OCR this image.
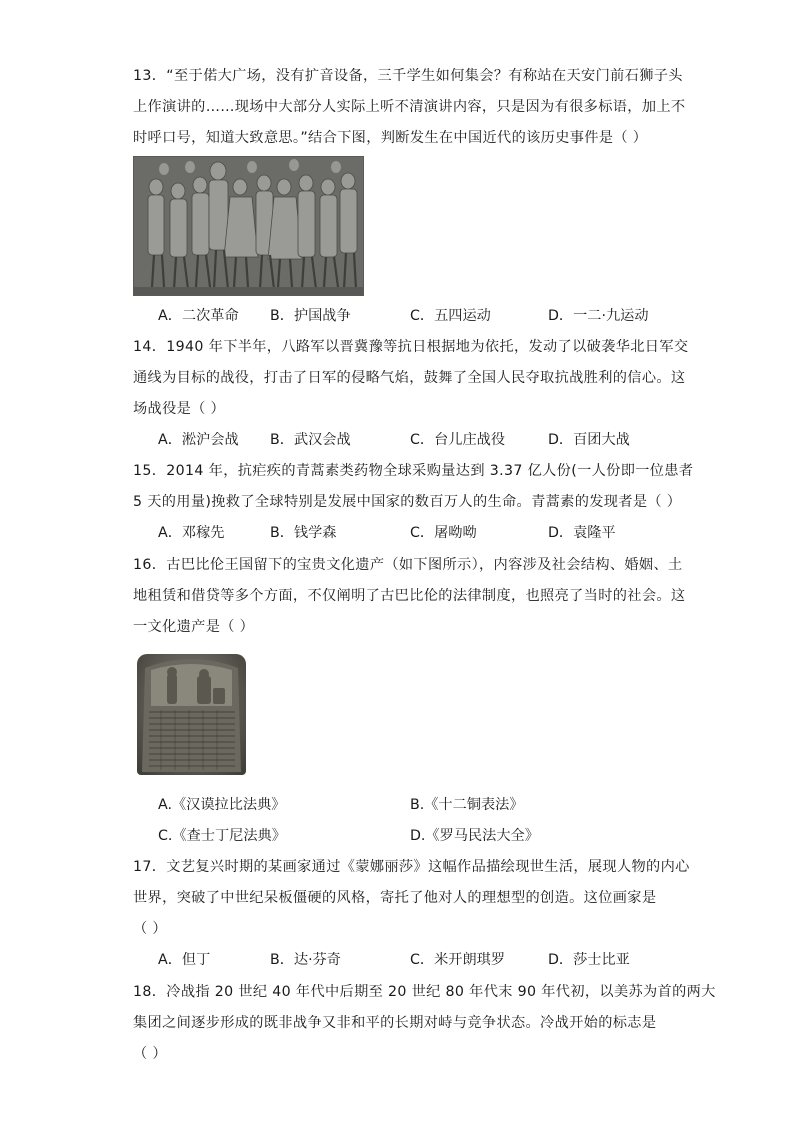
13．“至于偌大广场，没有扩音设备，三千学生如何集会？有称站在天安门前石狮子头
上作演讲的……现场中大部分人实际上听不清演讲内容，只是因为有很多标语，加上不
时呼口号，知道大致意思。”结合下图，判断发生在中国近代的该历史事件是（ ）
A．二次革命 B．护国战争	C．五四运动	D．一二·九运动
14．1940 年下半年，八路军以晋冀豫等抗日根据地为依托，发动了以破袭华北日军交
通线为目标的战役，打击了日军的侵略气焰，鼓舞了全国人民夺取抗战胜利的信心。这
场战役是（ ）
A．淞沪会战 B．武汉会战	C．台儿庄战役	D．百团大战
15．2014 年，抗疟疾的青蒿素类药物全球采购量达到 3.37 亿人份(一人份即一位患者
5 天的用量)挽救了全球特别是发展中国家的数百万人的生命。青蒿素的发现者是（ ）
A．邓稼先	B．钱学森	C．屠呦呦	D．袁隆平
16．古巴比伦王国留下的宝贵文化遗产（如下图所示），内容涉及社会结构、婚姻、土
地租赁和借贷等多个方面，不仅阐明了古巴比伦的法律制度，也照亮了当时的社会。这
一文化遗产是（ ）
A.《汉谟拉比法典》	B.《十二铜表法》
C.《查士丁尼法典》	D.《罗马民法大全》
17．文艺复兴时期的某画家通过《蒙娜丽莎》这幅作品描绘现世生活，展现人物的内心
世界，突破了中世纪呆板僵硬的风格，寄托了他对人的理想型的创造。这位画家是
（ ）
A．但丁	B．达·芬奇	C．米开朗琪罗	D．莎士比亚
18．冷战指 20 世纪 40 年代中后期至 20 世纪 80 年代末 90 年代初，以美苏为首的两大
集团之间逐步形成的既非战争又非和平的长期对峙与竞争状态。冷战开始的标志是
（ ）
